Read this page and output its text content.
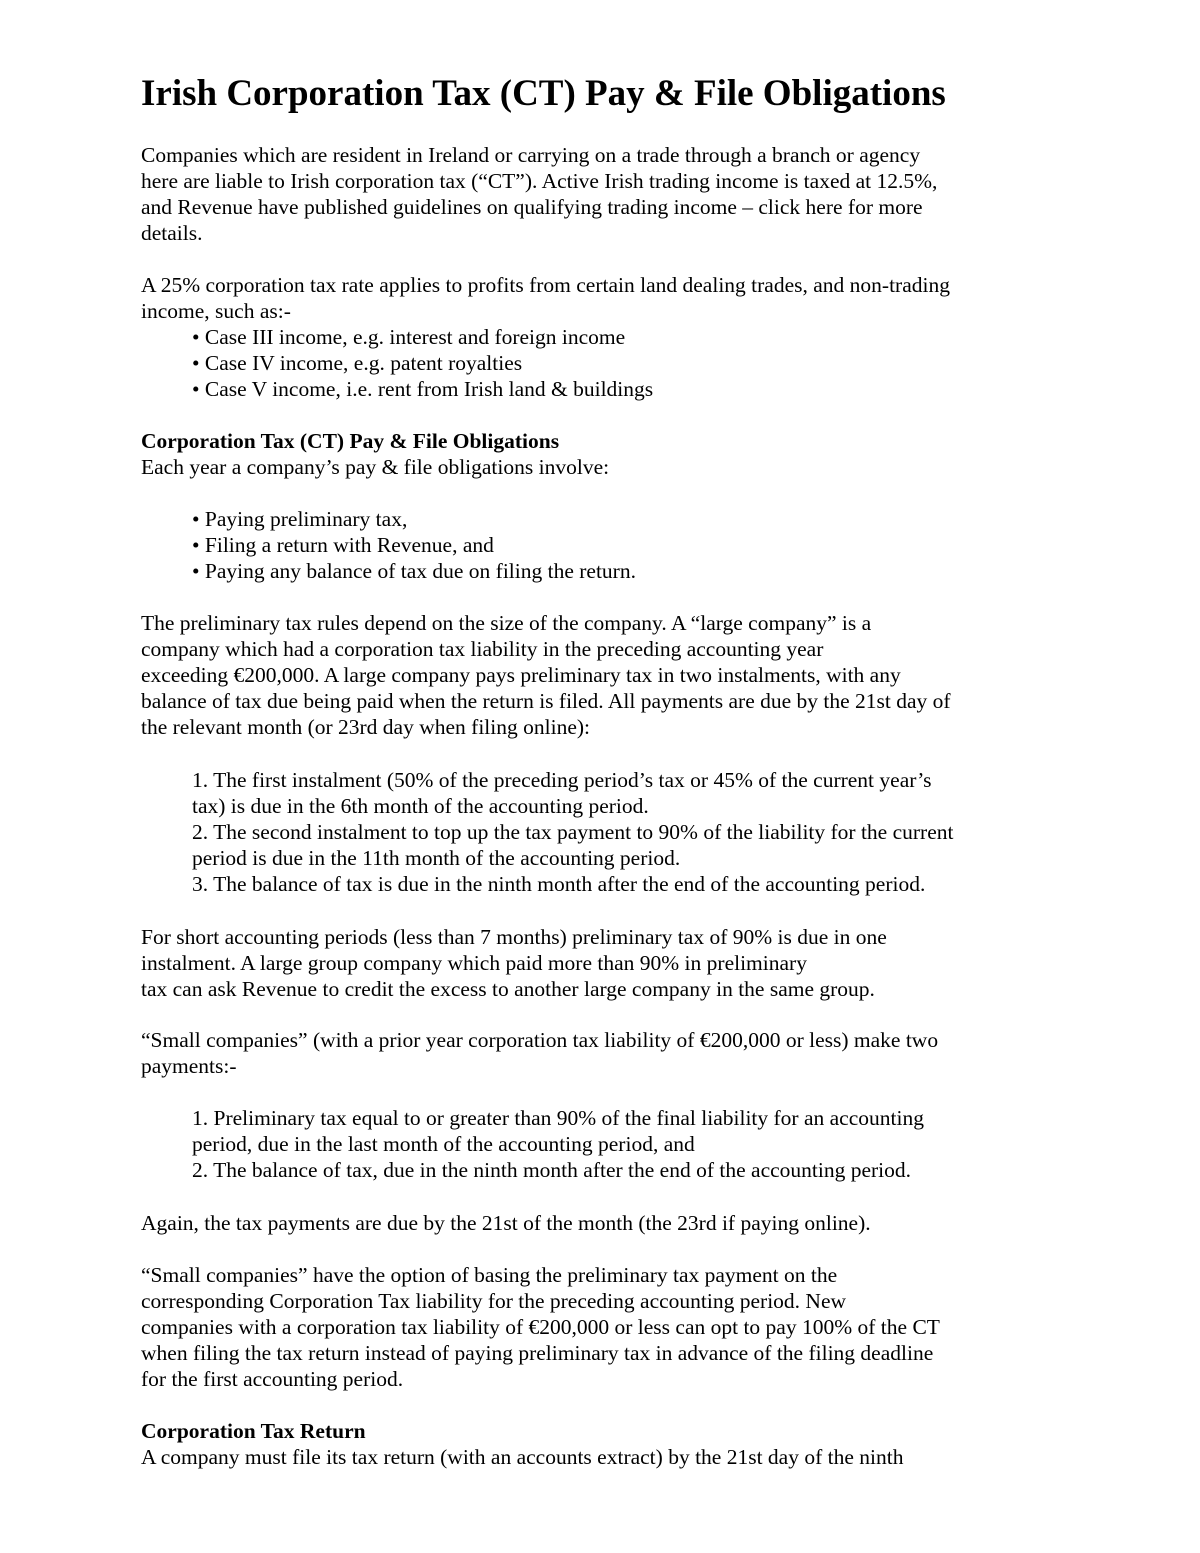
Irish Corporation Tax (CT) Pay & File Obligations

Companies which are resident in Ireland or carrying on a trade through a branch or agency

here are liable to Irish corporation tax (“CT”). Active Irish trading income is taxed at 12.5%,

and Revenue have published guidelines on qualifying trading income – click here for more

details.

A 25% corporation tax rate applies to profits from certain land dealing trades, and non-trading

income, such as:-

• Case III income, e.g. interest and foreign income

• Case IV income, e.g. patent royalties

• Case V income, i.e. rent from Irish land & buildings

Corporation Tax (CT) Pay & File Obligations

Each year a company’s pay & file obligations involve:

• Paying preliminary tax,

• Filing a return with Revenue, and

• Paying any balance of tax due on filing the return.

The preliminary tax rules depend on the size of the company. A “large company” is a

company which had a corporation tax liability in the preceding accounting year

exceeding €200,000. A large company pays preliminary tax in two instalments, with any

balance of tax due being paid when the return is filed. All payments are due by the 21st day of

the relevant month (or 23rd day when filing online):

1. The first instalment (50% of the preceding period’s tax or 45% of the current year’s

tax) is due in the 6th month of the accounting period.

2. The second instalment to top up the tax payment to 90% of the liability for the current

period is due in the 11th month of the accounting period.

3. The balance of tax is due in the ninth month after the end of the accounting period.

For short accounting periods (less than 7 months) preliminary tax of 90% is due in one

instalment. A large group company which paid more than 90% in preliminary

tax can ask Revenue to credit the excess to another large company in the same group.

“Small companies” (with a prior year corporation tax liability of €200,000 or less) make two

payments:-

1. Preliminary tax equal to or greater than 90% of the final liability for an accounting

period, due in the last month of the accounting period, and

2. The balance of tax, due in the ninth month after the end of the accounting period.

Again, the tax payments are due by the 21st of the month (the 23rd if paying online).

“Small companies” have the option of basing the preliminary tax payment on the

corresponding Corporation Tax liability for the preceding accounting period. New

companies with a corporation tax liability of €200,000 or less can opt to pay 100% of the CT

when filing the tax return instead of paying preliminary tax in advance of the filing deadline

for the first accounting period.

Corporation Tax Return

A company must file its tax return (with an accounts extract) by the 21st day of the ninth
